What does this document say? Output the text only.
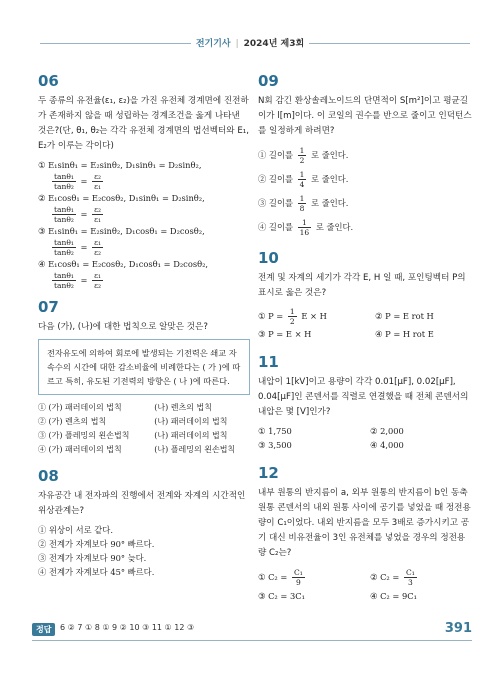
전기기사 | 2024년 제3회
06
두 종류의 유전율(ε₁, ε₂)을 가진 유전체 경계면에 진전하가 존재하지 않을 때 성립하는 경계조건을 옳게 나타낸 것은?(단, θ₁, θ₂는 각각 유전체 경계면의 법선벡터와 E₁, E₂가 이루는 각이다)
① E₁sinθ₁ = E₂sinθ₂, D₁sinθ₁ = D₂sinθ₂,
$\frac{\text{tanθ₁}}{\text{tanθ₂}} = \frac{\text{ε₂}}{\text{ε₁}}$
② E₁cosθ₁ = E₂cosθ₂, D₁sinθ₁ = D₂sinθ₂,
$\frac{\text{tanθ₁}}{\text{tanθ₂}} = \frac{\text{ε₂}}{\text{ε₁}}$
③ E₁sinθ₁ = E₂sinθ₂, D₁cosθ₁ = D₂cosθ₂,
$\frac{\text{tanθ₁}}{\text{tanθ₂}} = \frac{\text{ε₁}}{\text{ε₂}}$
④ E₁cosθ₁ = E₂cosθ₂, D₁cosθ₁ = D₂cosθ₂,
$\frac{\text{tanθ₁}}{\text{tanθ₂}} = \frac{\text{ε₁}}{\text{ε₂}}$
07
다음 (가), (나)에 대한 법칙으로 알맞은 것은?
전자유도에 의하여 회로에 발생되는 기전력은 쇄교 자속수의 시간에 대한 감소비율에 비례한다는 ( 가 )에 따르고 특히, 유도된 기전력의 방향은 ( 나 )에 따른다.
① (가) 패러데이의 법칙	(나) 렌츠의 법칙
② (가) 렌츠의 법칙	(나) 패러데이의 법칙
③ (가) 플레밍의 왼손법칙	(나) 패러데이의 법칙
④ (가) 패러데이의 법칙	(나) 플레밍의 왼손법칙
08
자유공간 내 전자파의 진행에서 전계와 자계의 시간적인 위상관계는?
① 위상이 서로 같다.
② 전계가 자계보다 90° 빠르다.
③ 전계가 자계보다 90° 늦다.
④ 전계가 자계보다 45° 빠르다.
09
N회 감긴 환상솔레노이드의 단면적이 S[m²]이고 평균길이가 l[m]이다. 이 코일의 권수를 반으로 줄이고 인덕턴스를 일정하게 하려면?
① 길이를 $\frac{1}{2}$ 로 줄인다.
② 길이를 $\frac{1}{4}$ 로 줄인다.
③ 길이를 $\frac{1}{8}$ 로 줄인다.
④ 길이를 $\frac{1}{16}$ 로 줄인다.
10
전계 및 자계의 세기가 각각 E, H 일 때, 포인팅벡터 P의 표시로 옳은 것은?
① $P = \frac{1}{2}$ E × H	② P = E rot H
③ P = E × H	④ P = H rot E
11
내압이 1[kV]이고 용량이 각각 0.01[μF], 0.02[μF], 0.04[μF]인 콘덴서를 직렬로 연결했을 때 전체 콘덴서의 내압은 몇 [V]인가?
① 1,750	② 2,000
③ 3,500	④ 4,000
12
내부 원통의 반지름이 a, 외부 원통의 반지름이 b인 동축원통 콘덴서의 내외 원통 사이에 공기를 넣었을 때 정전용량이 C₁이었다. 내외 반지름을 모두 3배로 증가시키고 공기 대신 비유전율이 3인 유전체를 넣었을 경우의 정전용량 C₂는?
① $C_2 = \frac{\text{C₁}}{9}$	② $C_2 = \frac{\text{C₁}}{3}$
③ C₂ = 3C₁	④ C₂ = 9C₁
정답	6 ② 7 ① 8 ① 9 ② 10 ③ 11 ① 12 ③	391
